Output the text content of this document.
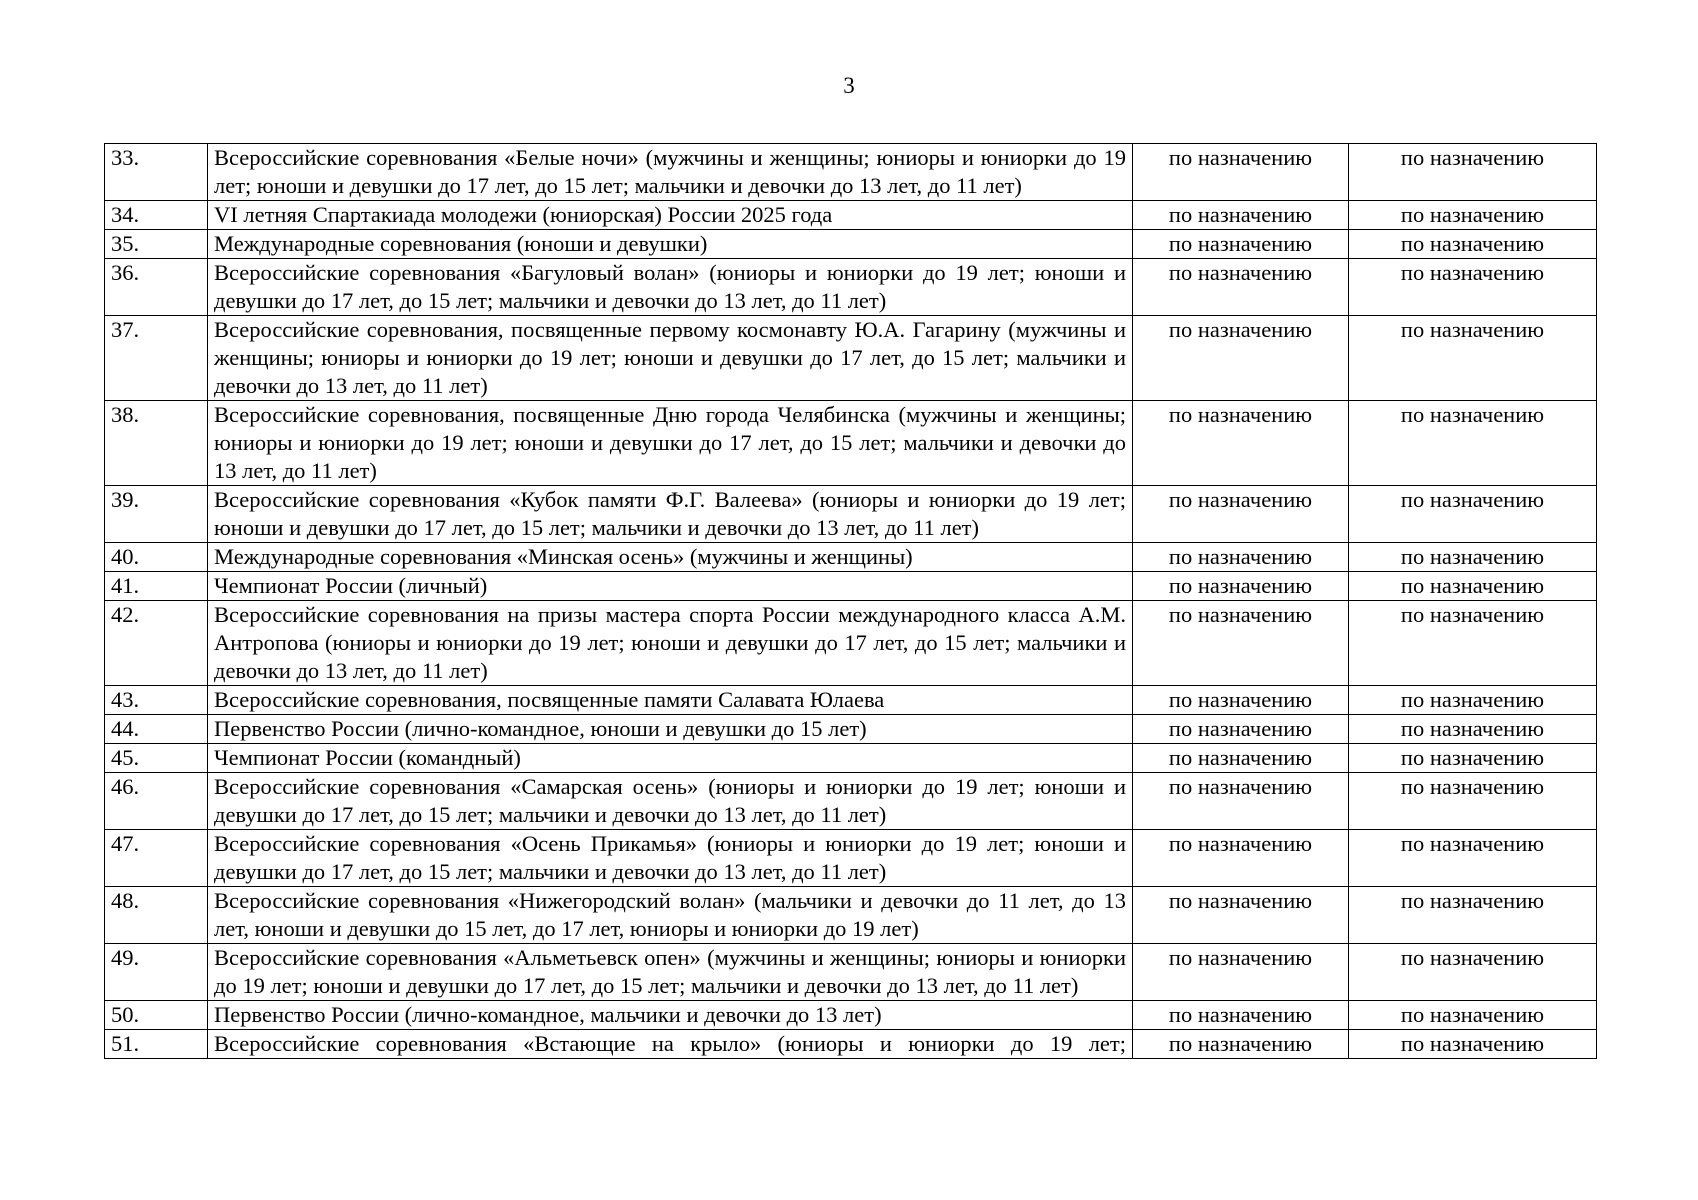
3
33.	Всероссийские соревнования «Белые ночи» (мужчины и женщины; юниоры и юниорки до 19 лет; юноши и девушки до 17 лет, до 15 лет; мальчики и девочки до 13 лет, до 11 лет)	по назначению	по назначению
34.	VI летняя Спартакиада молодежи (юниорская) России 2025 года	по назначению	по назначению
35.	Международные соревнования (юноши и девушки)	по назначению	по назначению
36.	Всероссийские соревнования «Багуловый волан» (юниоры и юниорки до 19 лет; юноши и девушки до 17 лет, до 15 лет; мальчики и девочки до 13 лет, до 11 лет)	по назначению	по назначению
37.	Всероссийские соревнования, посвященные первому космонавту Ю.А. Гагарину (мужчины и женщины; юниоры и юниорки до 19 лет; юноши и девушки до 17 лет, до 15 лет; мальчики и девочки до 13 лет, до 11 лет)	по назначению	по назначению
38.	Всероссийские соревнования, посвященные Дню города Челябинска (мужчины и женщины; юниоры и юниорки до 19 лет; юноши и девушки до 17 лет, до 15 лет; мальчики и девочки до 13 лет, до 11 лет)	по назначению	по назначению
39.	Всероссийские соревнования «Кубок памяти Ф.Г. Валеева» (юниоры и юниорки до 19 лет; юноши и девушки до 17 лет, до 15 лет; мальчики и девочки до 13 лет, до 11 лет)	по назначению	по назначению
40.	Международные соревнования «Минская осень» (мужчины и женщины)	по назначению	по назначению
41.	Чемпионат России (личный)	по назначению	по назначению
42.	Всероссийские соревнования на призы мастера спорта России международного класса А.М. Антропова (юниоры и юниорки до 19 лет; юноши и девушки до 17 лет, до 15 лет; мальчики и девочки до 13 лет, до 11 лет)	по назначению	по назначению
43.	Всероссийские соревнования, посвященные памяти Салавата Юлаева	по назначению	по назначению
44.	Первенство России (лично-командное, юноши и девушки до 15 лет)	по назначению	по назначению
45.	Чемпионат России (командный)	по назначению	по назначению
46.	Всероссийские соревнования «Самарская осень» (юниоры и юниорки до 19 лет; юноши и девушки до 17 лет, до 15 лет; мальчики и девочки до 13 лет, до 11 лет)	по назначению	по назначению
47.	Всероссийские соревнования «Осень Прикамья» (юниоры и юниорки до 19 лет; юноши и девушки до 17 лет, до 15 лет; мальчики и девочки до 13 лет, до 11 лет)	по назначению	по назначению
48.	Всероссийские соревнования «Нижегородский волан» (мальчики и девочки до 11 лет, до 13 лет, юноши и девушки до 15 лет, до 17 лет, юниоры и юниорки до 19 лет)	по назначению	по назначению
49.	Всероссийские соревнования «Альметьевск опен» (мужчины и женщины; юниоры и юниорки до 19 лет; юноши и девушки до 17 лет, до 15 лет; мальчики и девочки до 13 лет, до 11 лет)	по назначению	по назначению
50.	Первенство России (лично-командное, мальчики и девочки до 13 лет)	по назначению	по назначению
51.	Всероссийские соревнования «Встающие на крыло» (юниоры и юниорки до 19 лет;	по назначению	по назначению
